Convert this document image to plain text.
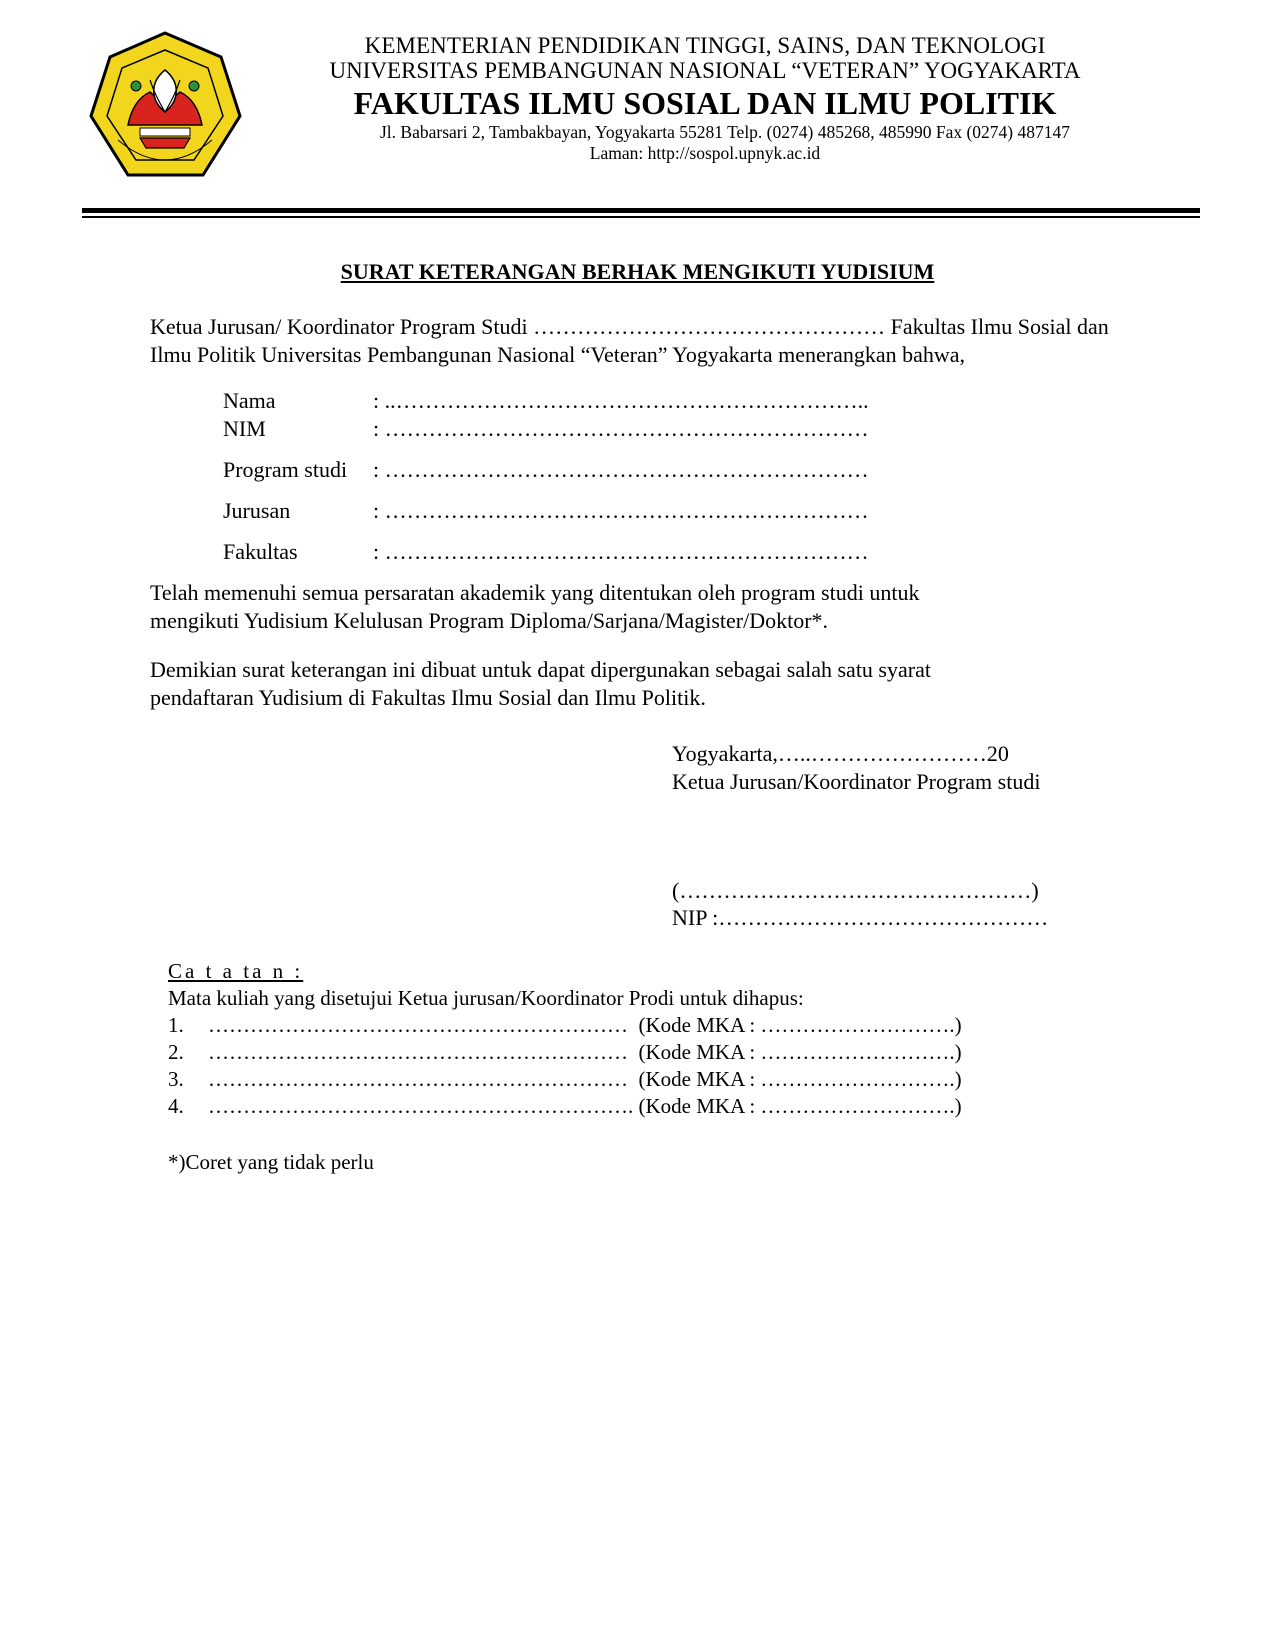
KEMENTERIAN PENDIDIKAN TINGGI, SAINS, DAN TEKNOLOGI
UNIVERSITAS PEMBANGUNAN NASIONAL “VETERAN” YOGYAKARTA
FAKULTAS ILMU SOSIAL DAN ILMU POLITIK
Jl. Babarsari 2, Tambakbayan, Yogyakarta 55281 Telp. (0274) 485268, 485990 Fax (0274) 487147
Laman: http://sospol.upnyk.ac.id
SURAT KETERANGAN BERHAK MENGIKUTI YUDISIUM
Ketua Jurusan/ Koordinator Program Studi ………………………………………… Fakultas Ilmu Sosial dan Ilmu Politik Universitas Pembangunan Nasional “Veteran” Yogyakarta menerangkan bahwa,
Nama	: ..………………………………………………………..
NIM	: …………………………………………………………
Program studi : …………………………………………………………
Jurusan	: …………………………………………………………
Fakultas	: …………………………………………………………
Telah memenuhi semua persaratan akademik yang ditentukan oleh program studi untuk mengikuti Yudisium Kelulusan Program Diploma/Sarjana/Magister/Doktor*.
Demikian surat keterangan ini dibuat untuk dapat dipergunakan sebagai salah satu syarat pendaftaran Yudisium di Fakultas Ilmu Sosial dan Ilmu Politik.
Yogyakarta,…..……………………20
Ketua Jurusan/Koordinator Program studi
(…………………………………………)
NIP :………………………………………
Ca t a ta n :
Mata kuliah yang disetujui Ketua jurusan/Koordinator Prodi untuk dihapus:
1. ……………………………………………………  (Kode MKA : ……………………….)
2. ……………………………………………………  (Kode MKA : ……………………….)
3. ……………………………………………………  (Kode MKA : ……………………….)
4. ……………………………………………………. (Kode MKA : ……………………….)
*)Coret yang tidak perlu
